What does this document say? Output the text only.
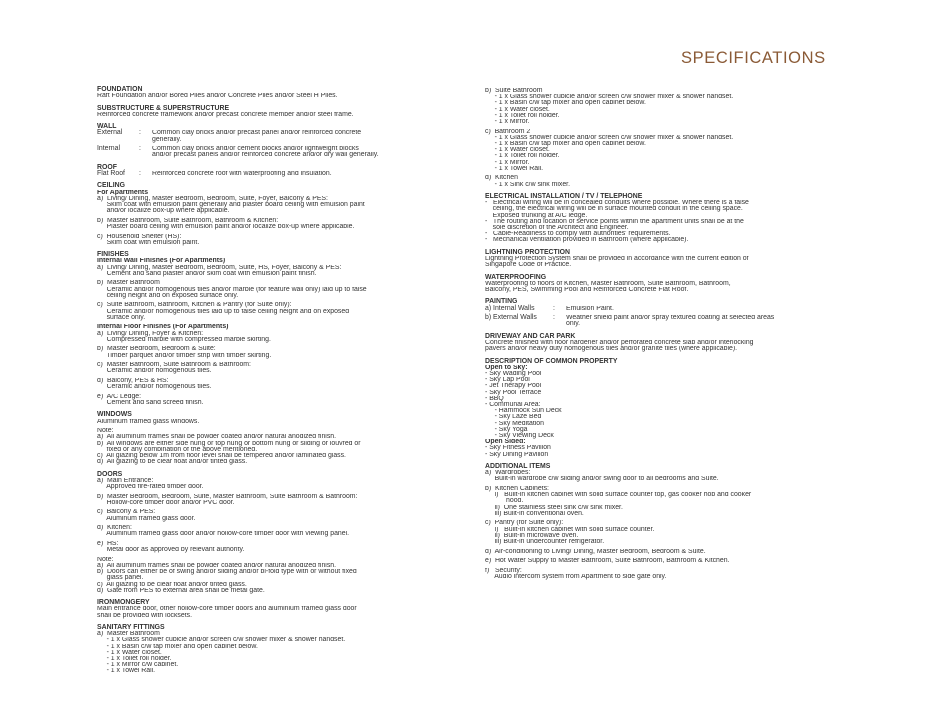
SPECIFICATIONS
FOUNDATION
Raft Foundation and/or Bored Piles and/or Concrete Piles and/or Steel H Piles.
SUBSTRUCTURE & SUPERSTRUCTURE
Reinforced concrete framework and/or precast concrete member and/or steel frame.
WALL
External	:	Common clay bricks and/or precast panel and/or reinforced concrete
generally.
Internal	:	Common clay bricks and/or cement blocks and/or lightweight blocks
and/or precast panels and/or reinforced concrete and/or dry wall generally.
ROOF
Flat Roof	:	Reinforced concrete roof with waterproofing and insulation.
CEILING
For Apartments
a)  Living/ Dining, Master Bedroom, Bedroom, Suite, Foyer, Balcony & PES:
Skim coat with emulsion paint generally and plaster board ceiling with emulsion paint
and/or localize box-up where applicable.
b)  Master Bathroom, Suite Bathroom, Bathroom & Kitchen:
Plaster board ceiling with emulsion paint and/or localize box-up where applicable.
c)  Household Shelter (HS):
Skim coat with emulsion paint.
FINISHES
Internal Wall Finishes (For Apartments)
a)  Living/ Dining, Master Bedroom, Bedroom, Suite, HS, Foyer, Balcony & PES:
Cement and sand plaster and/or skim coat with emulsion paint finish.
b)  Master Bathroom
Ceramic and/or homogenous tiles and/or marble (for feature wall only) laid up to false
ceiling height and on exposed surface only.
c)  Suite Bathroom, Bathroom, Kitchen & Pantry (for Suite only):
Ceramic and/or homogenous tiles laid up to false ceiling height and on exposed
surface only.
Internal Floor Finishes (For Apartments)
a)  Living/ Dining, Foyer & Kitchen:
Compressed marble with compressed marble skirting.
b)  Master Bedroom, Bedroom & Suite:
Timber parquet and/or timber strip with timber skirting.
c)  Master Bathroom, Suite Bathroom & Bathroom:
Ceramic and/or homogenous tiles.
d)  Balcony, PES & HS:
Ceramic and/or homogenous tiles.
e)  A/C Ledge:
Cement and sand screed finish.
WINDOWS
Aluminum framed glass windows.
Note:
a)  All aluminum frames shall be powder coated and/or natural anodized finish.
b)  All windows are either side hung or top hung or bottom hung or sliding or louvred or
fixed or any combination of the above mentioned.
c)  All glazing below 1m from floor level shall be tempered and/or laminated glass.
d)  All glazing to be clear float and/or tinted glass.
DOORS
a)  Main Entrance:
Approved fire-rated timber door.
b)  Master Bedroom, Bedroom, Suite, Master Bathroom, Suite Bathroom & Bathroom:
Hollow-core timber door and/or PVC door.
c)  Balcony & PES:
Aluminum framed glass door.
d)  Kitchen:
Aluminum framed glass door and/or hollow-core timber door with viewing panel.
e)  HS:
Metal door as approved by relevant authority.
Note:
a)  All aluminum frames shall be powder coated and/or natural anodized finish.
b)  Doors can either be of swing and/or sliding and/or bi-fold type with or without fixed
glass panel.
c)  All glazing to be clear float and/or tinted glass.
d)  Gate from PES to external area shall be metal gate.
IRONMONGERY
Main entrance door, other hollow-core timber doors and aluminium framed glass door
shall be provided with locksets.
SANITARY FITTINGS
a)  Master Bathroom
- 1 x Glass shower cubicle and/or screen c/w shower mixer & shower handset.
- 1 x Basin c/w tap mixer and open cabinet below.
- 1 x Water closet.
- 1 x Toilet roll holder.
- 1 x Mirror c/w cabinet.
- 1 x Towel Rail.
b)  Suite Bathroom
- 1 x Glass shower cubicle and/or screen c/w shower mixer & shower handset.
- 1 x Basin c/w tap mixer and open cabinet below.
- 1 x Water closet.
- 1 x Toilet roll holder.
- 1 x Mirror.
c)  Bathroom 2
- 1 x Glass shower cubicle and/or screen c/w shower mixer & shower handset.
- 1 x Basin c/w tap mixer and open cabinet below.
- 1 x Water closet.
- 1 x Toilet roll holder.
- 1 x Mirror.
- 1 x Towel Rail.
d)  Kitchen
- 1 x Sink c/w sink mixer.
ELECTRICAL INSTALLATION / TV / TELEPHONE
-   Electrical wiring will be in concealed conduits where possible. Where there is a false
ceiling, the electrical wiring will be in surface mounted conduit in the ceiling space.
Exposed trunking at A/C ledge.
-   The routing and location of service points within the apartment units shall be at the
sole discretion of the Architect and Engineer.
-   Cable-Readiness to comply with authorities' requirements.
-   Mechanical ventilation provided in Bathroom (where applicable).
LIGHTNING PROTECTION
Lightning Protection System shall be provided in accordance with the current edition of
Singapore Code of Practice.
WATERPROOFING
Waterproofing to floors of Kitchen, Master Bathroom, Suite Bathroom, Bathroom,
Balcony, PES, Swimming Pool and Reinforced Concrete Flat Roof.
PAINTING
a) Internal Walls	:	Emulsion Paint.
b) External Walls	:	Weather shield paint and/or spray textured coating at selected areas
only.
DRIVEWAY AND CAR PARK
Concrete finished with floor hardener and/or perforated concrete slab and/or interlocking
pavers and/or heavy duty homogenous tiles and/or granite tiles (where applicable).
DESCRIPTION OF COMMON PROPERTY
Open to Sky:
- Sky Wading Pool
- Sky Lap Pool
- Jet Therapy Pool
- Sky Pool Terrace
- BBQ
- Communal Area:
- Hammock Sun Deck
- Sky Laze Bed
- Sky Meditation
- Sky Yoga
- Sky Viewing Deck
Open Sided:
- Sky Fitness Pavilion
- Sky Dining Pavilion
ADDITIONAL ITEMS
a)  Wardrobes:
Built-in wardrobe c/w sliding and/or swing door to all bedrooms and Suite.
b)  Kitchen Cabinets:
i)   Built-in kitchen cabinet with solid surface counter top, gas cooker hob and cooker
hood.
ii)  One stainless steel sink c/w sink mixer.
iii) Built-in conventional oven.
c)  Pantry (for Suite only):
i)   Built-in kitchen cabinet with solid surface counter.
ii)  Built-in microwave oven.
iii) Built-in undercounter refrigerator.
d)  Air-conditioning to Living/ Dining, Master Bedroom, Bedroom & Suite.
e)  Hot Water Supply to Master Bathroom, Suite Bathroom, Bathroom & Kitchen.
f)   Security:
Audio intercom system from Apartment to side gate only.
